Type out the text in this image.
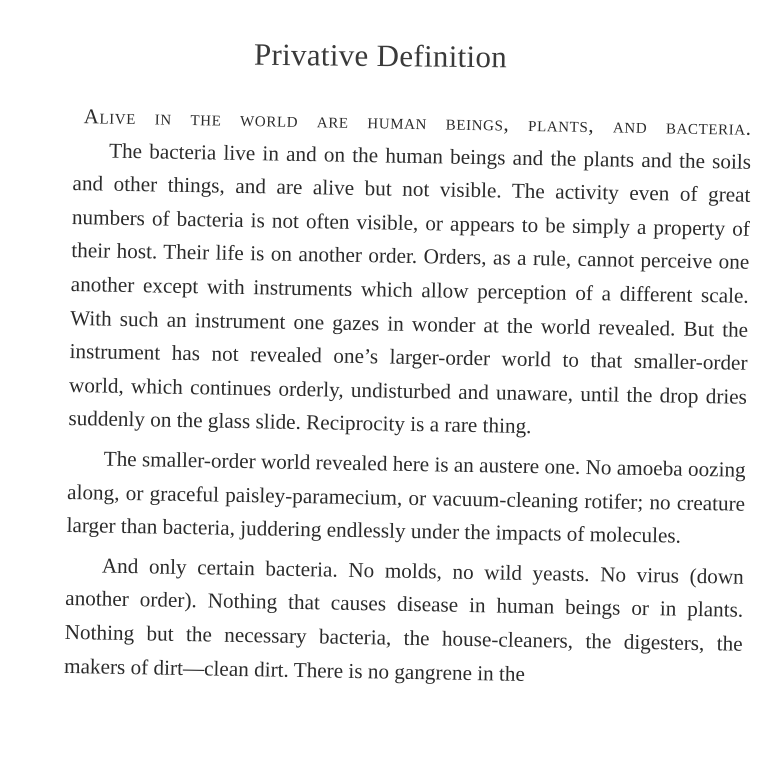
Privative Definition

Alive in the world are human beings, plants, and bacteria.

The bacteria live in and on the human beings and the plants and the soils and other things, and are alive but not visible. The activity even of great numbers of bacteria is not often visible, or appears to be simply a property of their host. Their life is on another order. Orders, as a rule, cannot perceive one another except with instruments which allow perception of a different scale. With such an instrument one gazes in wonder at the world revealed. But the instrument has not revealed one’s larger-order world to that smaller-order world, which continues orderly, undisturbed and unaware, until the drop dries suddenly on the glass slide. Reciprocity is a rare thing.

The smaller-order world revealed here is an austere one. No amoeba oozing along, or graceful paisley-paramecium, or vacuum-cleaning rotifer; no creature larger than bacteria, juddering endlessly under the impacts of molecules.

And only certain bacteria. No molds, no wild yeasts. No virus (down another order). Nothing that causes disease in human beings or in plants. Nothing but the necessary bacteria, the house-cleaners, the digesters, the makers of dirt—clean dirt. There is no gangrene in the
